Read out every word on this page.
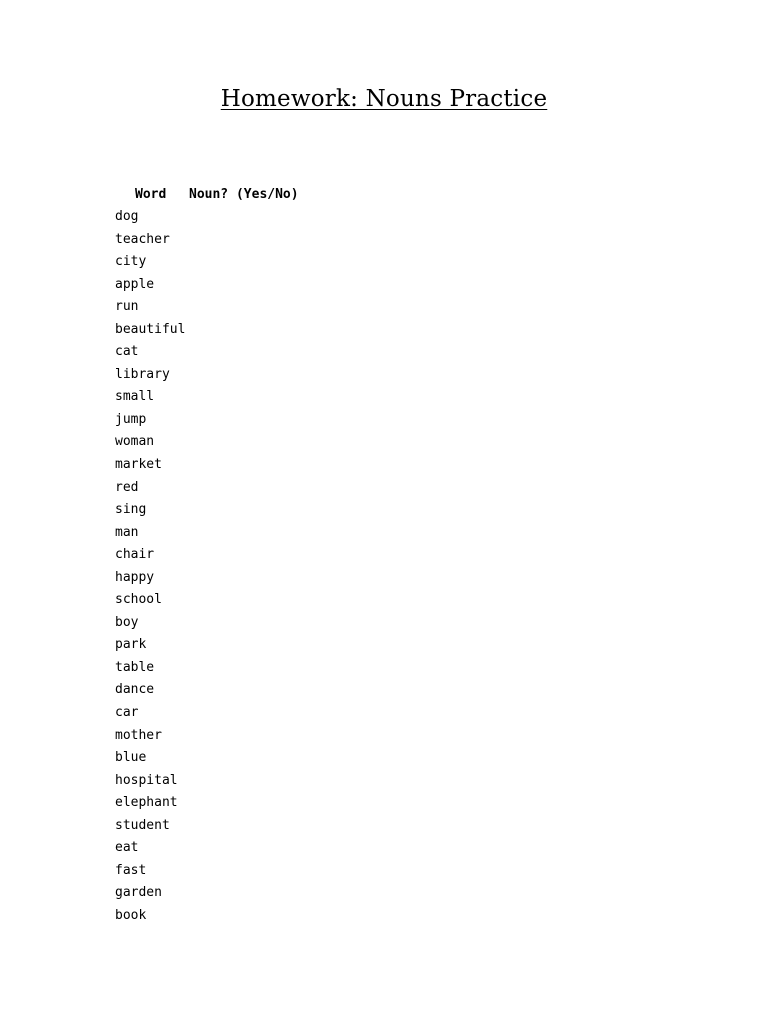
Homework: Nouns Practice
Word	Noun? (Yes/No)
dog
teacher
city
apple
run
beautiful
cat
library
small
jump
woman
market
red
sing
man
chair
happy
school
boy
park
table
dance
car
mother
blue
hospital
elephant
student
eat
fast
garden
book
